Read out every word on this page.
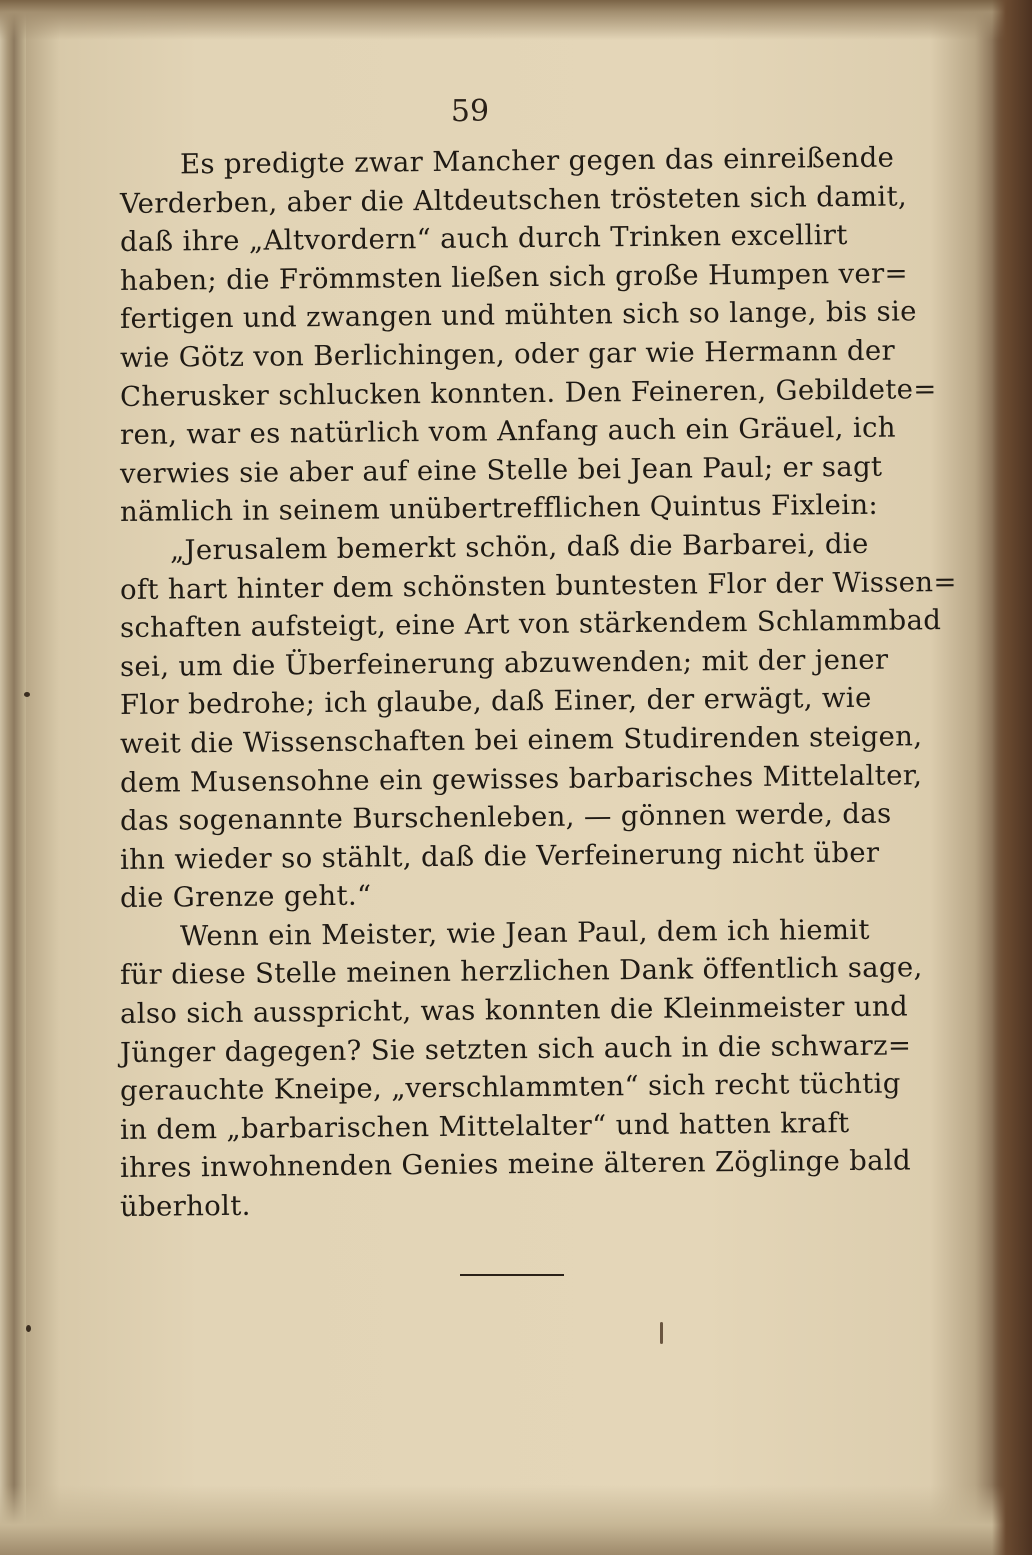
59
Es predigte zwar Mancher gegen das einreißende
Verderben, aber die Altdeutschen trösteten sich damit,
daß ihre „Altvordern“ auch durch Trinken excellirt
haben; die Frömmsten ließen sich große Humpen ver=
fertigen und zwangen und mühten sich so lange, bis sie
wie Götz von Berlichingen, oder gar wie Hermann der
Cherusker schlucken konnten. Den Feineren, Gebildete=
ren, war es natürlich vom Anfang auch ein Gräuel, ich
verwies sie aber auf eine Stelle bei Jean Paul; er sagt
nämlich in seinem unübertrefflichen Quintus Fixlein:
„Jerusalem bemerkt schön, daß die Barbarei, die
oft hart hinter dem schönsten buntesten Flor der Wissen=
schaften aufsteigt, eine Art von stärkendem Schlammbad
sei, um die Überfeinerung abzuwenden; mit der jener
Flor bedrohe; ich glaube, daß Einer, der erwägt, wie
weit die Wissenschaften bei einem Studirenden steigen,
dem Musensohne ein gewisses barbarisches Mittelalter,
das sogenannte Burschenleben, — gönnen werde, das
ihn wieder so stählt, daß die Verfeinerung nicht über
die Grenze geht.“
Wenn ein Meister, wie Jean Paul, dem ich hiemit
für diese Stelle meinen herzlichen Dank öffentlich sage,
also sich ausspricht, was konnten die Kleinmeister und
Jünger dagegen? Sie setzten sich auch in die schwarz=
gerauchte Kneipe, „verschlammten“ sich recht tüchtig
in dem „barbarischen Mittelalter“ und hatten kraft
ihres inwohnenden Genies meine älteren Zöglinge bald
überholt.
